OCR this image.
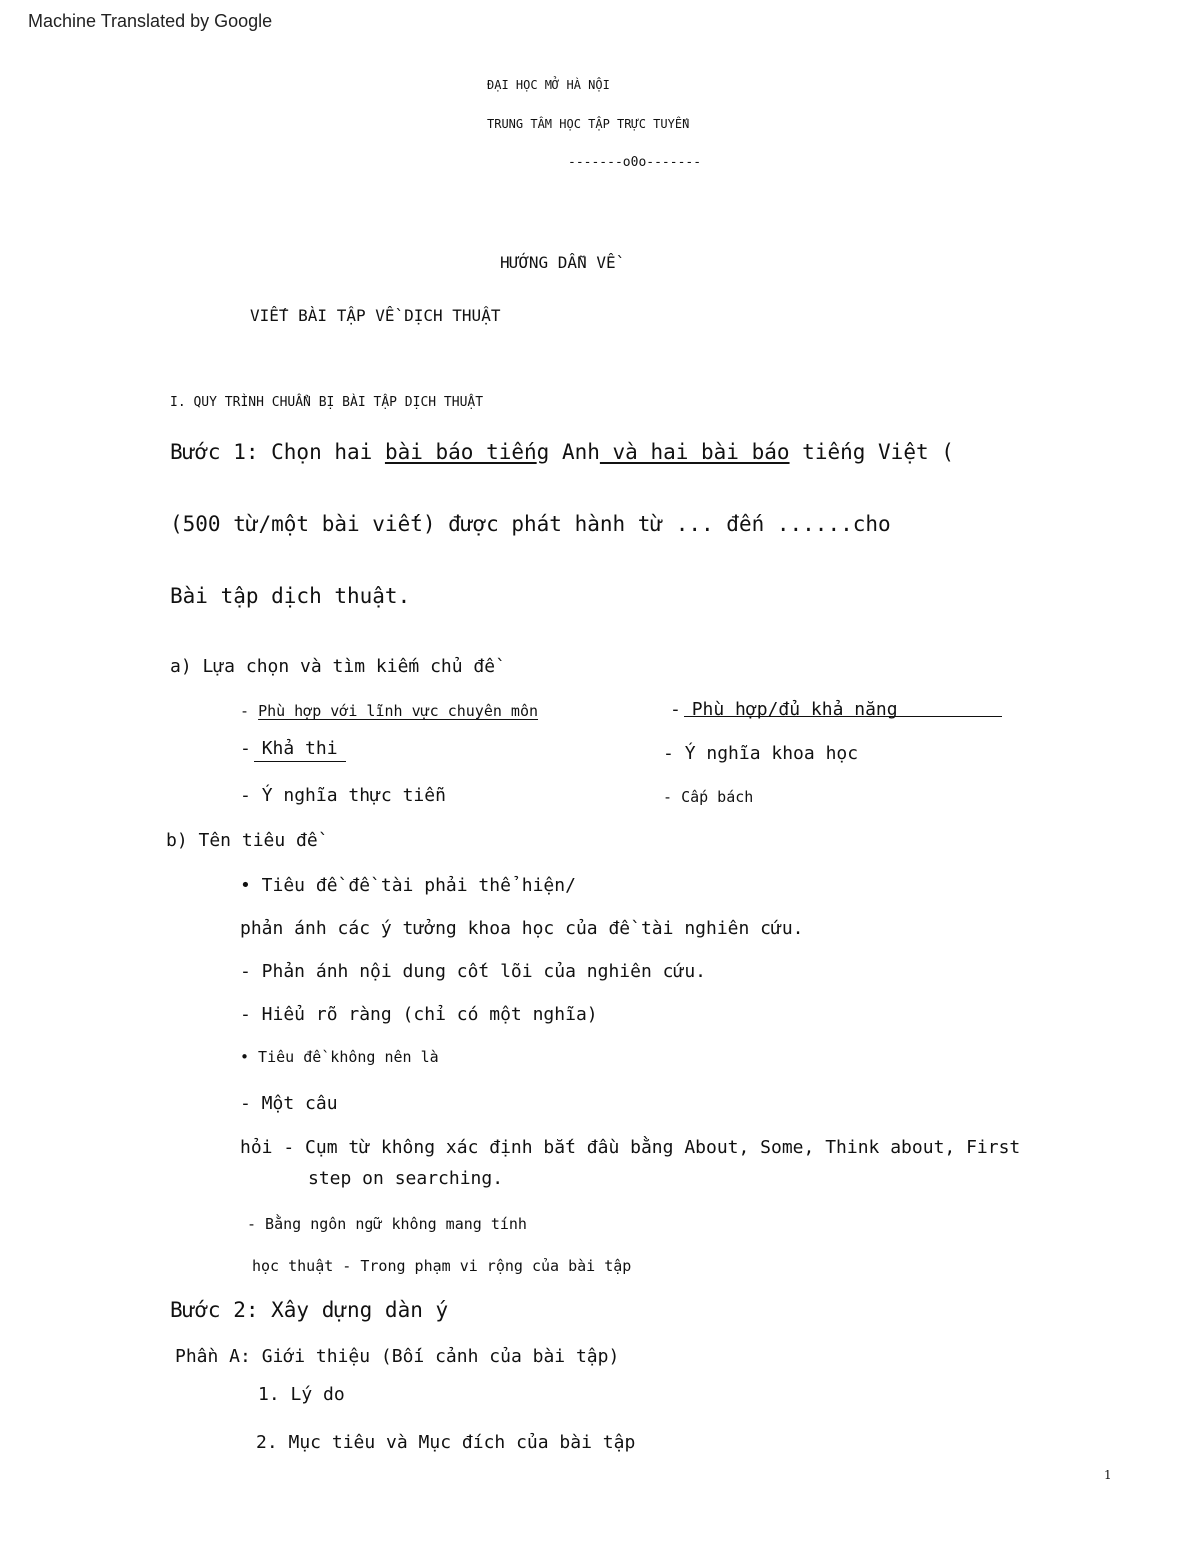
Machine Translated by Google
ĐẠI HỌC MỞ HÀ NỘI
TRUNG TÂM HỌC TẬP TRỰC TUYẾN
-------o0o-------
HƯỚNG DẪN VỀ
VIẾT BÀI TẬP VỀ DỊCH THUẬT
I. QUY TRÌNH CHUẨN BỊ BÀI TẬP DỊCH THUẬT
Bước 1: Chọn hai bài báo tiếng Anh và hai bài báo tiếng Việt (
(500 từ/một bài viết) được phát hành từ ... đến ......cho
Bài tập dịch thuật.
a) Lựa chọn và tìm kiếm chủ đề
- Phù hợp với lĩnh vực chuyên môn
- Khả thi
- Ý nghĩa thực tiễn
- Phù hợp/đủ khả năng
- Ý nghĩa khoa học
- Cấp bách
b) Tên tiêu đề
• Tiêu đề đề tài phải thể hiện/
phản ánh các ý tưởng khoa học của đề tài nghiên cứu.
- Phản ánh nội dung cốt lõi của nghiên cứu.
- Hiểu rõ ràng (chỉ có một nghĩa)
• Tiêu đề không nên là
- Một câu
hỏi - Cụm từ không xác định bắt đầu bằng About, Some, Think about, First
step on searching.
- Bằng ngôn ngữ không mang tính
học thuật - Trong phạm vi rộng của bài tập
Bước 2: Xây dựng dàn ý
Phần A: Giới thiệu (Bối cảnh của bài tập)
1. Lý do
2. Mục tiêu và Mục đích của bài tập
1
